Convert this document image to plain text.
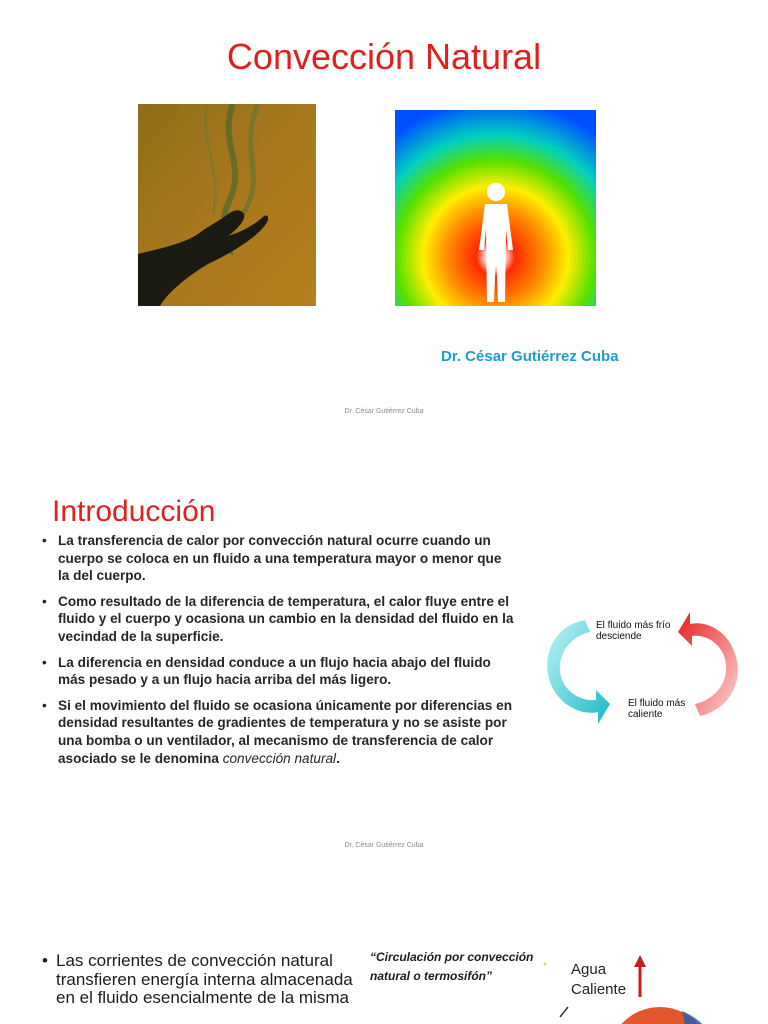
Convección Natural
Dr. César Gutiérrez Cuba
Dr. César Gutiérrez Cuba
Introducción
• La transferencia de calor por convección natural ocurre cuando un cuerpo se coloca en un fluido a una temperatura mayor o menor que la del cuerpo.
• Como resultado de la diferencia de temperatura, el calor fluye entre el fluido y el cuerpo y ocasiona un cambio en la densidad del fluido en la vecindad de la superficie.
• La diferencia en densidad conduce a un flujo hacia abajo del fluido más pesado y a un flujo hacia arriba del más ligero.
• Si el movimiento del fluido se ocasiona únicamente por diferencias en densidad resultantes de gradientes de temperatura y no se asiste por una bomba o un ventilador, al mecanismo de transferencia de calor asociado se le denomina convección natural.
El fluido más frío desciende
El fluido más caliente
Dr. César Gutiérrez Cuba
• Las corrientes de convección natural transfieren energía interna almacenada en el fluido esencialmente de la misma
“Circulación por convección natural o termosifón”	Agua Caliente
